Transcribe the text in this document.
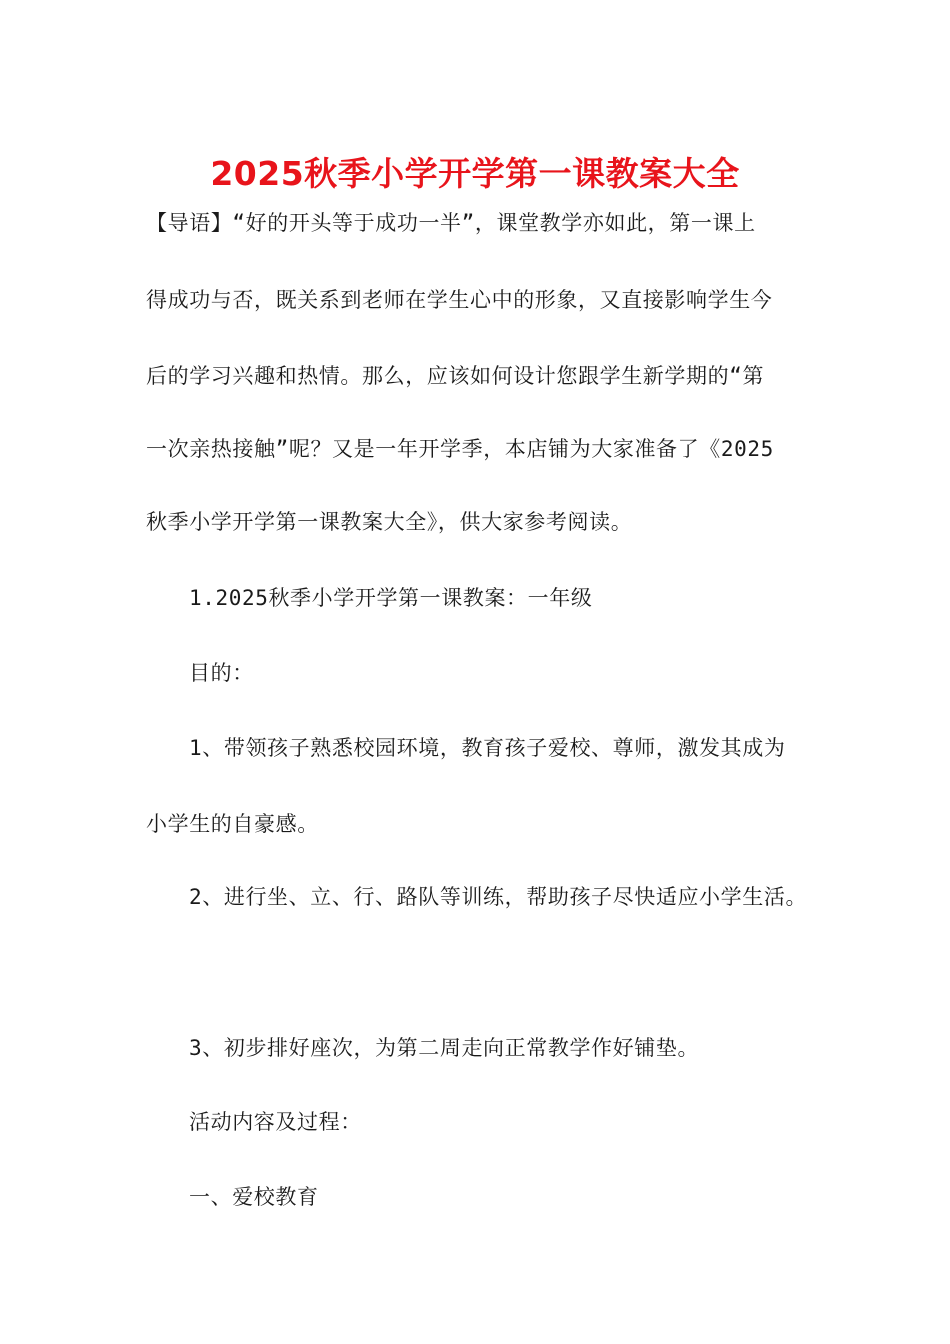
2025秋季小学开学第一课教案大全
【导语】“好的开头等于成功一半”，课堂教学亦如此，第一课上
得成功与否，既关系到老师在学生心中的形象，又直接影响学生今
后的学习兴趣和热情。那么，应该如何设计您跟学生新学期的“第
一次亲热接触”呢？又是一年开学季，本店铺为大家准备了《2025
秋季小学开学第一课教案大全》，供大家参考阅读。
1.2025秋季小学开学第一课教案：一年级
目的：
1、带领孩子熟悉校园环境，教育孩子爱校、尊师，激发其成为
小学生的自豪感。
2、进行坐、立、行、路队等训练，帮助孩子尽快适应小学生活。
3、初步排好座次，为第二周走向正常教学作好铺垫。
活动内容及过程：
一、爱校教育
